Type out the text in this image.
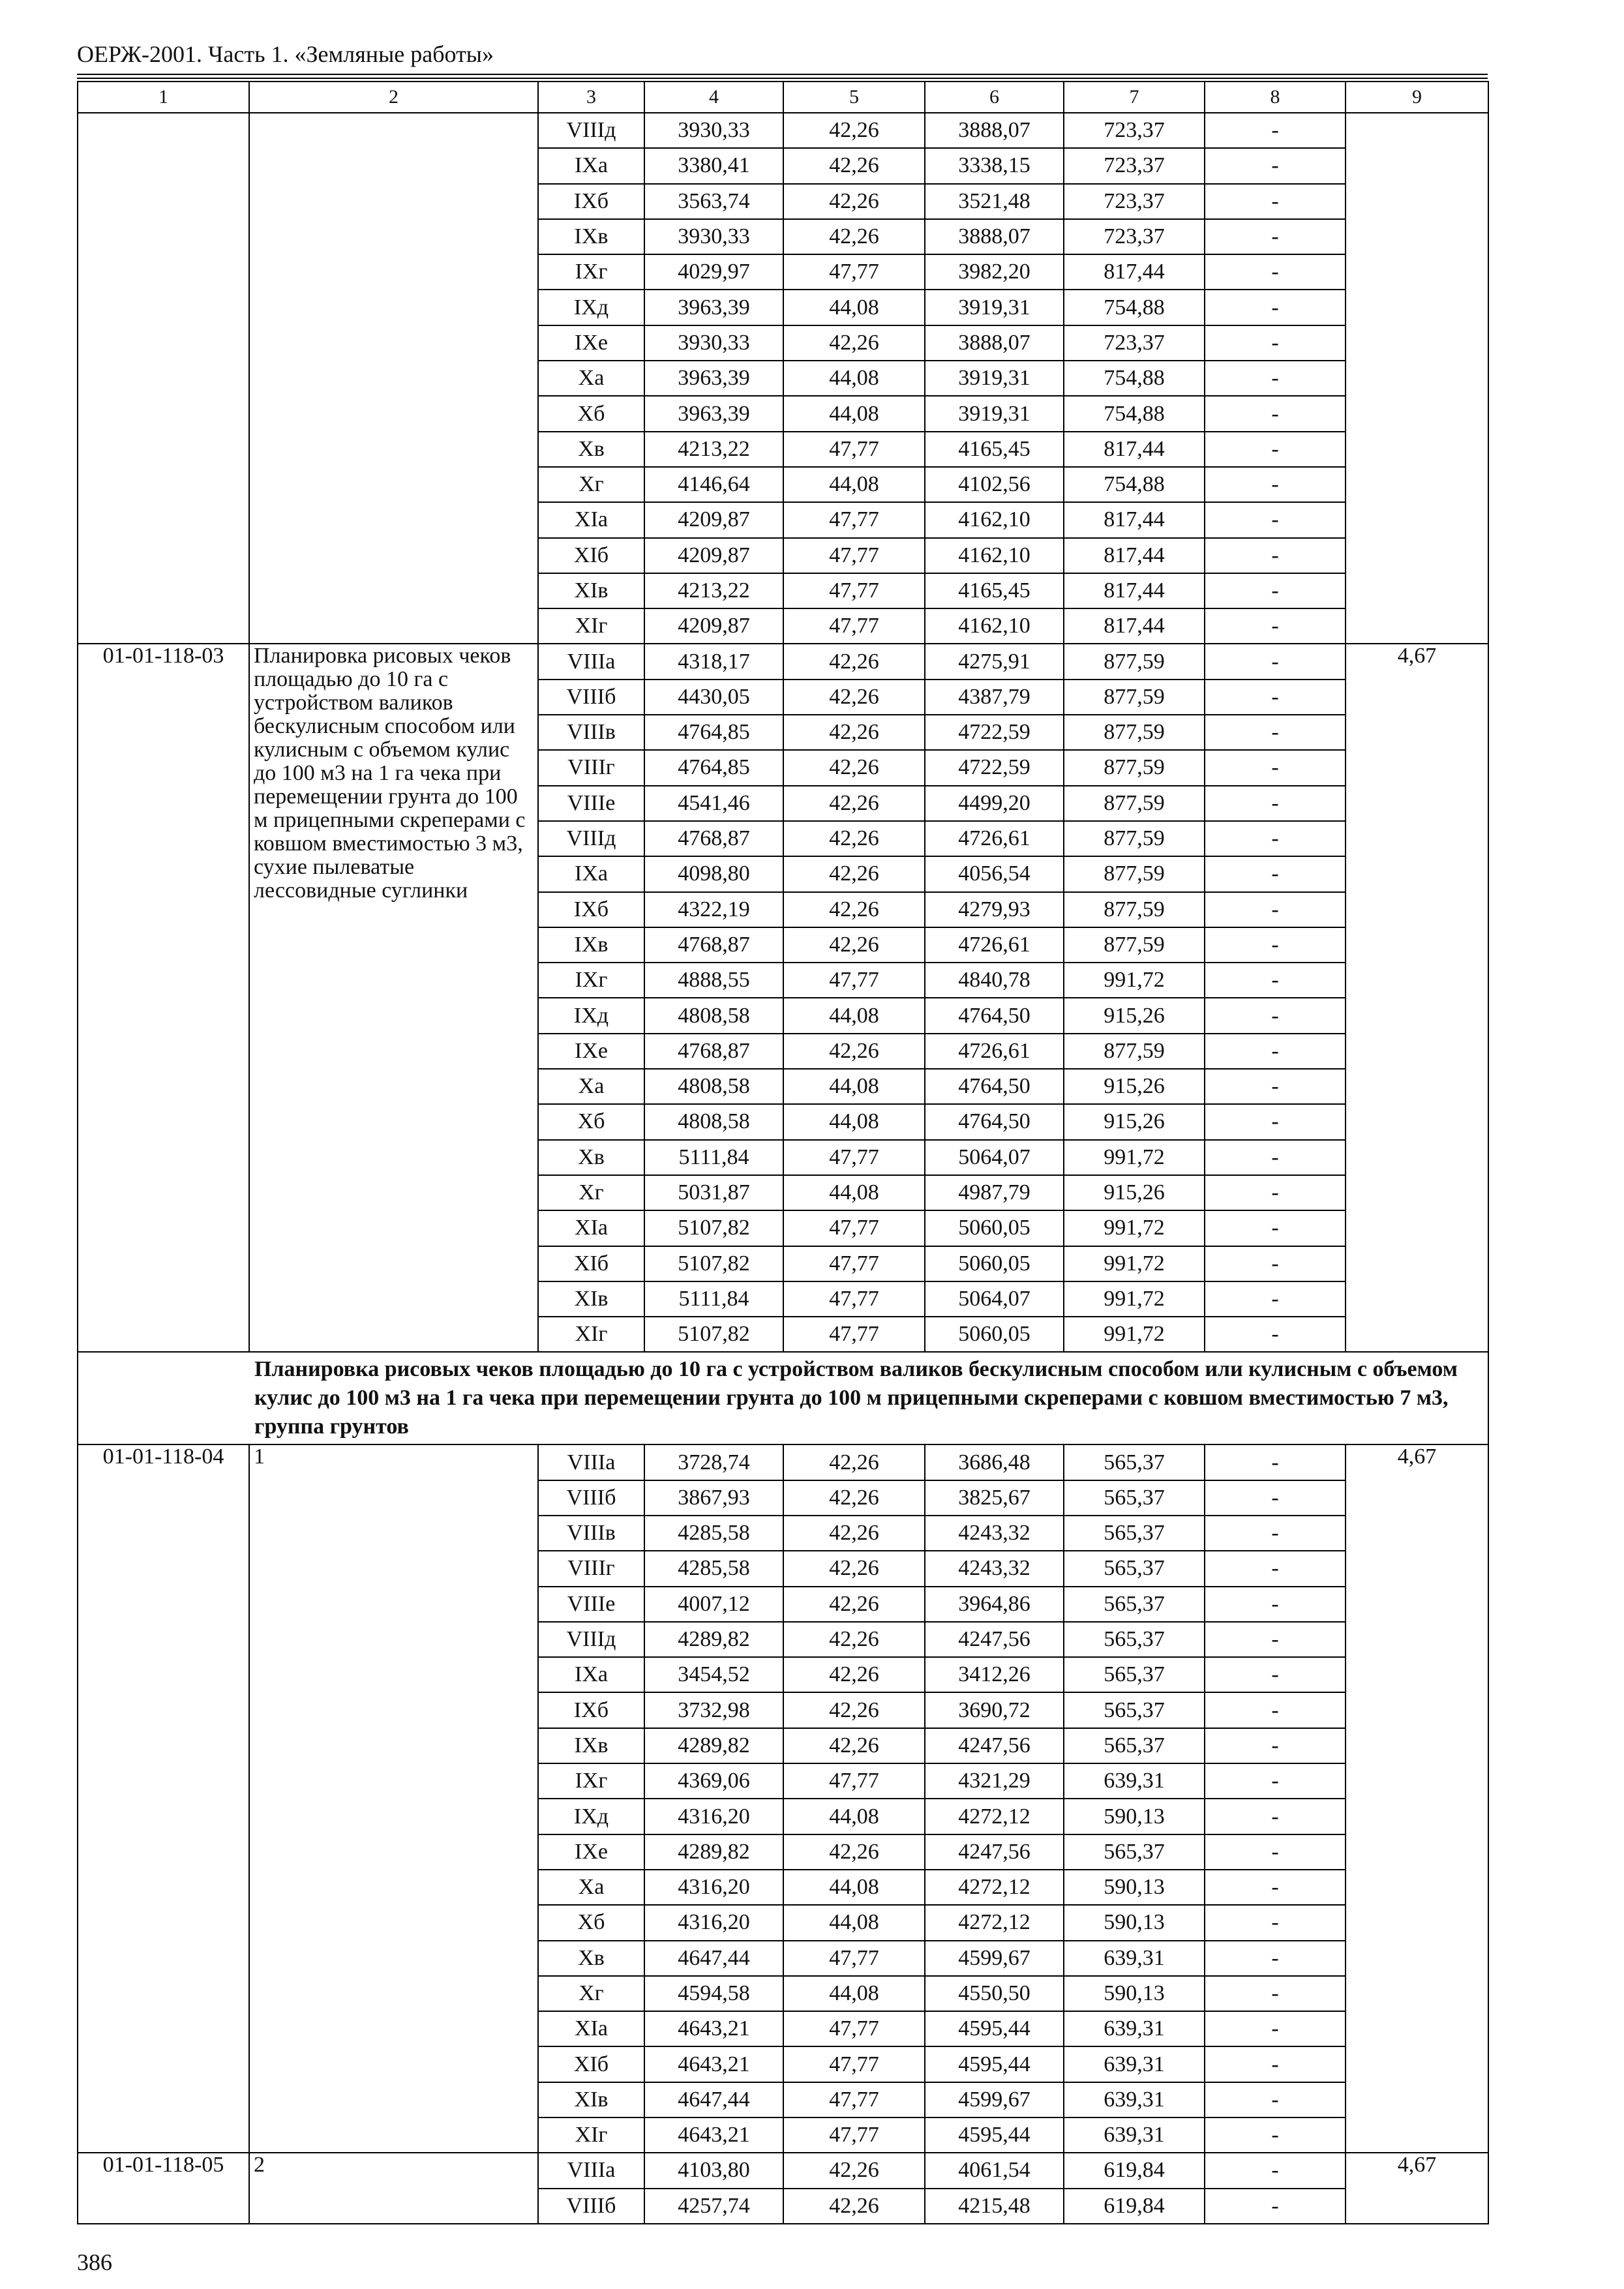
ОЕРЖ-2001. Часть 1. «Земляные работы»
1	2	3	4	5	6	7	8	9
		VIIIд	3930,33	42,26	3888,07	723,37	-	
		IXа	3380,41	42,26	3338,15	723,37	-	
		IXб	3563,74	42,26	3521,48	723,37	-	
		IXв	3930,33	42,26	3888,07	723,37	-	
		IXг	4029,97	47,77	3982,20	817,44	-	
		IXд	3963,39	44,08	3919,31	754,88	-	
		IXе	3930,33	42,26	3888,07	723,37	-	
		Xа	3963,39	44,08	3919,31	754,88	-	
		Xб	3963,39	44,08	3919,31	754,88	-	
		Xв	4213,22	47,77	4165,45	817,44	-	
		Xг	4146,64	44,08	4102,56	754,88	-	
		XIа	4209,87	47,77	4162,10	817,44	-	
		XIб	4209,87	47,77	4162,10	817,44	-	
		XIв	4213,22	47,77	4165,45	817,44	-	
		XIг	4209,87	47,77	4162,10	817,44	-	
01-01-118-03	Планировка рисовых чеков площадью до 10 га с устройством валиков бескулисным способом или кулисным с объемом кулис до 100 м3 на 1 га чека при перемещении грунта до 100 м прицепными скреперами с ковшом вместимостью 3 м3, сухие пылеватые лессовидные суглинки	VIIIа	4318,17	42,26	4275,91	877,59	-	4,67
		VIIIб	4430,05	42,26	4387,79	877,59	-	
		VIIIв	4764,85	42,26	4722,59	877,59	-	
		VIIIг	4764,85	42,26	4722,59	877,59	-	
		VIIIе	4541,46	42,26	4499,20	877,59	-	
		VIIIд	4768,87	42,26	4726,61	877,59	-	
		IXа	4098,80	42,26	4056,54	877,59	-	
		IXб	4322,19	42,26	4279,93	877,59	-	
		IXв	4768,87	42,26	4726,61	877,59	-	
		IXг	4888,55	47,77	4840,78	991,72	-	
		IXд	4808,58	44,08	4764,50	915,26	-	
		IXе	4768,87	42,26	4726,61	877,59	-	
		Xа	4808,58	44,08	4764,50	915,26	-	
		Xб	4808,58	44,08	4764,50	915,26	-	
		Xв	5111,84	47,77	5064,07	991,72	-	
		Xг	5031,87	44,08	4987,79	915,26	-	
		XIа	5107,82	47,77	5060,05	991,72	-	
		XIб	5107,82	47,77	5060,05	991,72	-	
		XIв	5111,84	47,77	5064,07	991,72	-	
		XIг	5107,82	47,77	5060,05	991,72	-	
	Планировка рисовых чеков площадью до 10 га с устройством валиков бескулисным способом или кулисным с объемом кулис до 100 м3 на 1 га чека при перемещении грунта до 100 м прицепными скреперами с ковшом вместимостью 7 м3, группа грунтов							
01-01-118-04	1	VIIIа	3728,74	42,26	3686,48	565,37	-	4,67
		VIIIб	3867,93	42,26	3825,67	565,37	-	
		VIIIв	4285,58	42,26	4243,32	565,37	-	
		VIIIг	4285,58	42,26	4243,32	565,37	-	
		VIIIе	4007,12	42,26	3964,86	565,37	-	
		VIIIд	4289,82	42,26	4247,56	565,37	-	
		IXа	3454,52	42,26	3412,26	565,37	-	
		IXб	3732,98	42,26	3690,72	565,37	-	
		IXв	4289,82	42,26	4247,56	565,37	-	
		IXг	4369,06	47,77	4321,29	639,31	-	
		IXд	4316,20	44,08	4272,12	590,13	-	
		IXе	4289,82	42,26	4247,56	565,37	-	
		Xа	4316,20	44,08	4272,12	590,13	-	
		Xб	4316,20	44,08	4272,12	590,13	-	
		Xв	4647,44	47,77	4599,67	639,31	-	
		Xг	4594,58	44,08	4550,50	590,13	-	
		XIа	4643,21	47,77	4595,44	639,31	-	
		XIб	4643,21	47,77	4595,44	639,31	-	
		XIв	4647,44	47,77	4599,67	639,31	-	
		XIг	4643,21	47,77	4595,44	639,31	-	
01-01-118-05	2	VIIIа	4103,80	42,26	4061,54	619,84	-	4,67
		VIIIб	4257,74	42,26	4215,48	619,84	-	
386
